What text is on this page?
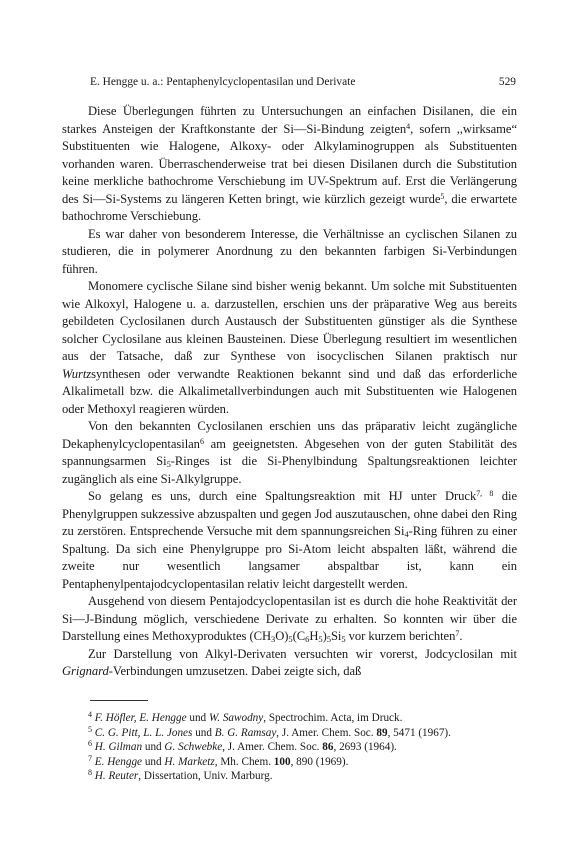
E. Hengge u. a.: Pentaphenylcyclopentasilan und Derivate	529

Diese Überlegungen führten zu Untersuchungen an einfachen Disilanen, die ein starkes Ansteigen der Kraftkonstante der Si—Si-Bindung zeigten$^4$, sofern ,,wirksame“ Substituenten wie Halogene, Alkoxy- oder Alkylaminogruppen als Substituenten vorhanden waren. Überraschenderweise trat bei diesen Disilanen durch die Substitution keine merkliche bathochrome Verschiebung im UV-Spektrum auf. Erst die Verlängerung des Si—Si-Systems zu längeren Ketten bringt, wie kürzlich gezeigt wurde$^5$, die erwartete bathochrome Verschiebung.

Es war daher von besonderem Interesse, die Verhältnisse an cyclischen Silanen zu studieren, die in polymerer Anordnung zu den bekannten farbigen Si-Verbindungen führen.

Monomere cyclische Silane sind bisher wenig bekannt. Um solche mit Substituenten wie Alkoxyl, Halogene u. a. darzustellen, erschien uns der präparative Weg aus bereits gebildeten Cyclosilanen durch Austausch der Substituenten günstiger als die Synthese solcher Cyclosilane aus kleinen Bausteinen. Diese Überlegung resultiert im wesentlichen aus der Tatsache, daß zur Synthese von isocyclischen Silanen praktisch nur Wurtzsynthesen oder verwandte Reaktionen bekannt sind und daß das erforderliche Alkalimetall bzw. die Alkalimetallverbindungen auch mit Substituenten wie Halogenen oder Methoxyl reagieren würden.

Von den bekannten Cyclosilanen erschien uns das präparativ leicht zugängliche Dekaphenylcyclopentasilan$^6$ am geeignetsten. Abgesehen von der guten Stabilität des spannungsarmen $Si_5$-Ringes ist die Si-Phenylbindung Spaltungsreaktionen leichter zugänglich als eine Si-Alkylgruppe.

So gelang es uns, durch eine Spaltungsreaktion mit HJ unter Druck$^{7, 8}$ die Phenylgruppen sukzessive abzuspalten und gegen Jod auszutauschen, ohne dabei den Ring zu zerstören. Entsprechende Versuche mit dem spannungsreichen $Si_4$-Ring führen zu einer Spaltung. Da sich eine Phenylgruppe pro Si-Atom leicht abspalten läßt, während die zweite nur wesentlich langsamer abspaltbar ist, kann ein Pentaphenylpentajodcyclopentasilan relativ leicht dargestellt werden.

Ausgehend von diesem Pentajodcyclopentasilan ist es durch die hohe Reaktivität der Si—J-Bindung möglich, verschiedene Derivate zu erhalten. So konnten wir über die Darstellung eines Methoxyproduktes $(CH_3O)_5(C_6H_5)_5Si_5$ vor kurzem berichten$^7$.

Zur Darstellung von Alkyl-Derivaten versuchten wir vorerst, Jodcyclosilan mit Grignard-Verbindungen umzusetzen. Dabei zeigte sich, daß

$^4$ F. Höfler, E. Hengge und W. Sawodny, Spectrochim. Acta, im Druck.

$^5$ C. G. Pitt, L. L. Jones und B. G. Ramsay, J. Amer. Chem. Soc. 89, 5471 (1967).

$^6$ H. Gilman und G. Schwebke, J. Amer. Chem. Soc. 86, 2693 (1964).

$^7$ E. Hengge und H. Marketz, Mh. Chem. 100, 890 (1969).

$^8$ H. Reuter, Dissertation, Univ. Marburg.
